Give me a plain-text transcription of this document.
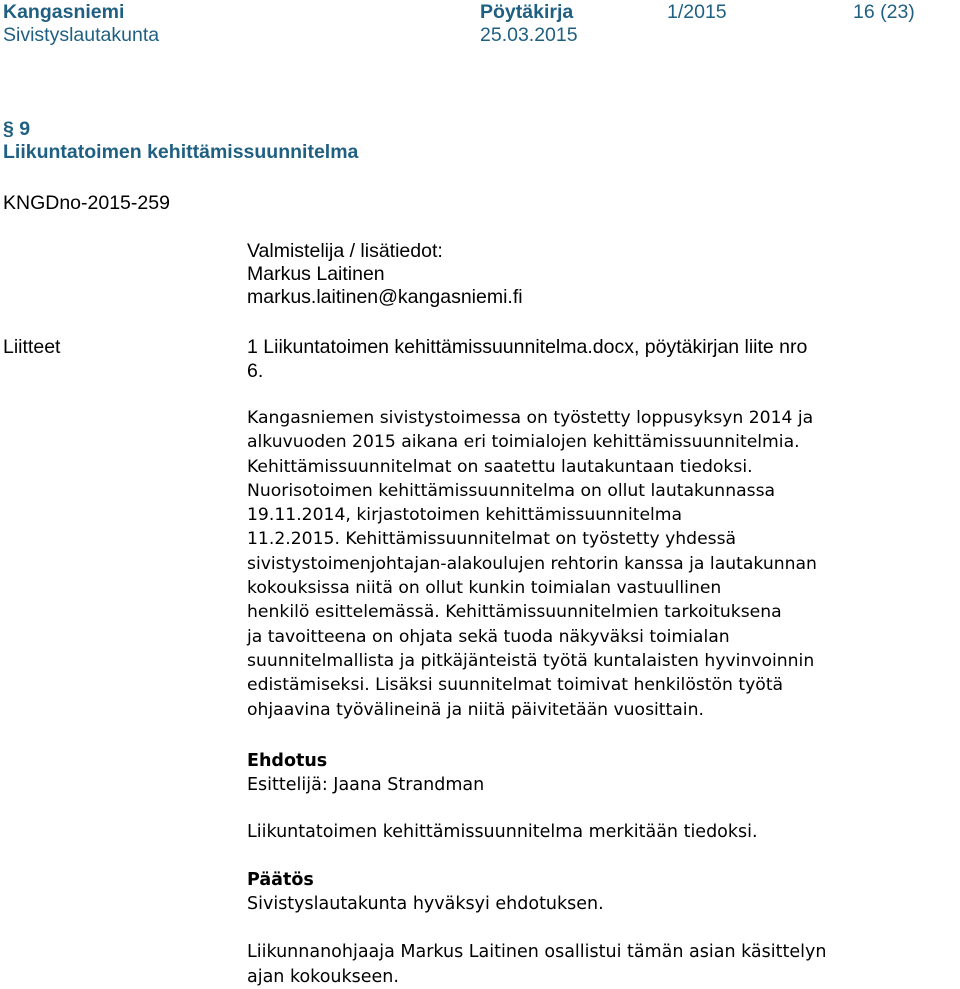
Kangasniemi	Pöytäkirja	1/2015	16 (23)
Sivistyslautakunta	25.03.2015
§ 9
Liikuntatoimen kehittämissuunnitelma
KNGDno-2015-259
Valmistelija / lisätiedot:
Markus Laitinen
markus.laitinen@kangasniemi.fi
Liitteet	1 Liikuntatoimen kehittämissuunnitelma.docx, pöytäkirjan liite nro
6.

Kangasniemen sivistystoimessa on työstetty loppusyksyn 2014 ja

alkuvuoden 2015 aikana eri toimialojen kehittämissuunnitelmia.

Kehittämissuunnitelmat on saatettu lautakuntaan tiedoksi.

Nuorisotoimen kehittämissuunnitelma on ollut lautakunnassa

19.11.2014, kirjastotoimen kehittämissuunnitelma

11.2.2015. Kehittämissuunnitelmat on työstetty yhdessä

sivistystoimenjohtajan-alakoulujen rehtorin kanssa ja lautakunnan

kokouksissa niitä on ollut kunkin toimialan vastuullinen

henkilö esittelemässä. Kehittämissuunnitelmien tarkoituksena

ja tavoitteena on ohjata sekä tuoda näkyväksi toimialan

suunnitelmallista ja pitkäjänteistä työtä kuntalaisten hyvinvoinnin

edistämiseksi. Lisäksi suunnitelmat toimivat henkilöstön työtä

ohjaavina työvälineinä ja niitä päivitetään vuosittain.

Ehdotus
Esittelijä: Jaana Strandman
Liikuntatoimen kehittämissuunnitelma merkitään tiedoksi.
Päätös
Sivistyslautakunta hyväksyi ehdotuksen.

Liikunnanohjaaja Markus Laitinen osallistui tämän asian käsittelyn

ajan kokoukseen.
